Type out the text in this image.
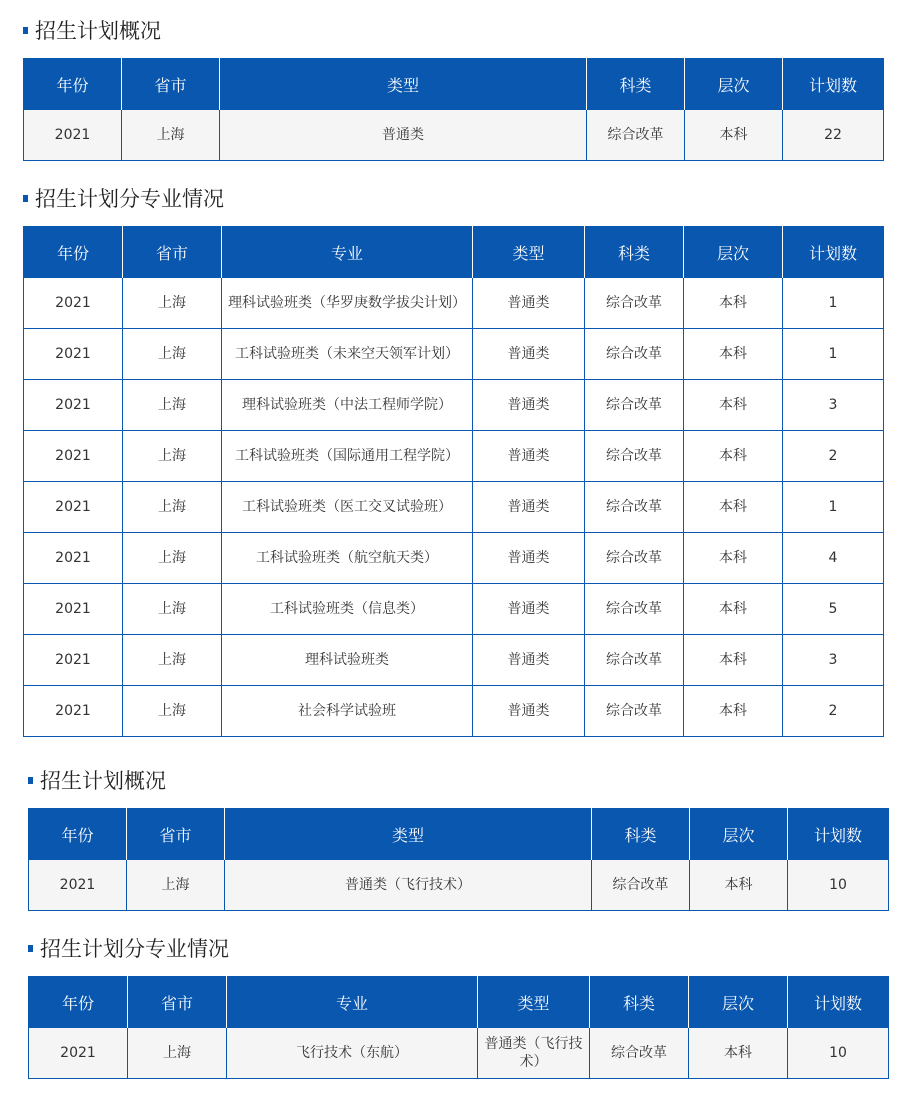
招生计划概况
年份	省市	类型	科类	层次	计划数
2021	上海	普通类	综合改革	本科	22
招生计划分专业情况
年份	省市	专业	类型	科类	层次	计划数
2021	上海	理科试验班类（华罗庚数学拔尖计划）	普通类	综合改革	本科	1
2021	上海	工科试验班类（未来空天领军计划）	普通类	综合改革	本科	1
2021	上海	理科试验班类（中法工程师学院）	普通类	综合改革	本科	3
2021	上海	工科试验班类（国际通用工程学院）	普通类	综合改革	本科	2
2021	上海	工科试验班类（医工交叉试验班）	普通类	综合改革	本科	1
2021	上海	工科试验班类（航空航天类）	普通类	综合改革	本科	4
2021	上海	工科试验班类（信息类）	普通类	综合改革	本科	5
2021	上海	理科试验班类	普通类	综合改革	本科	3
2021	上海	社会科学试验班	普通类	综合改革	本科	2
招生计划概况
年份	省市	类型	科类	层次	计划数
2021	上海	普通类（飞行技术）	综合改革	本科	10
招生计划分专业情况
年份	省市	专业	类型	科类	层次	计划数
2021	上海	飞行技术（东航）	普通类（飞行技术）	综合改革	本科	10
